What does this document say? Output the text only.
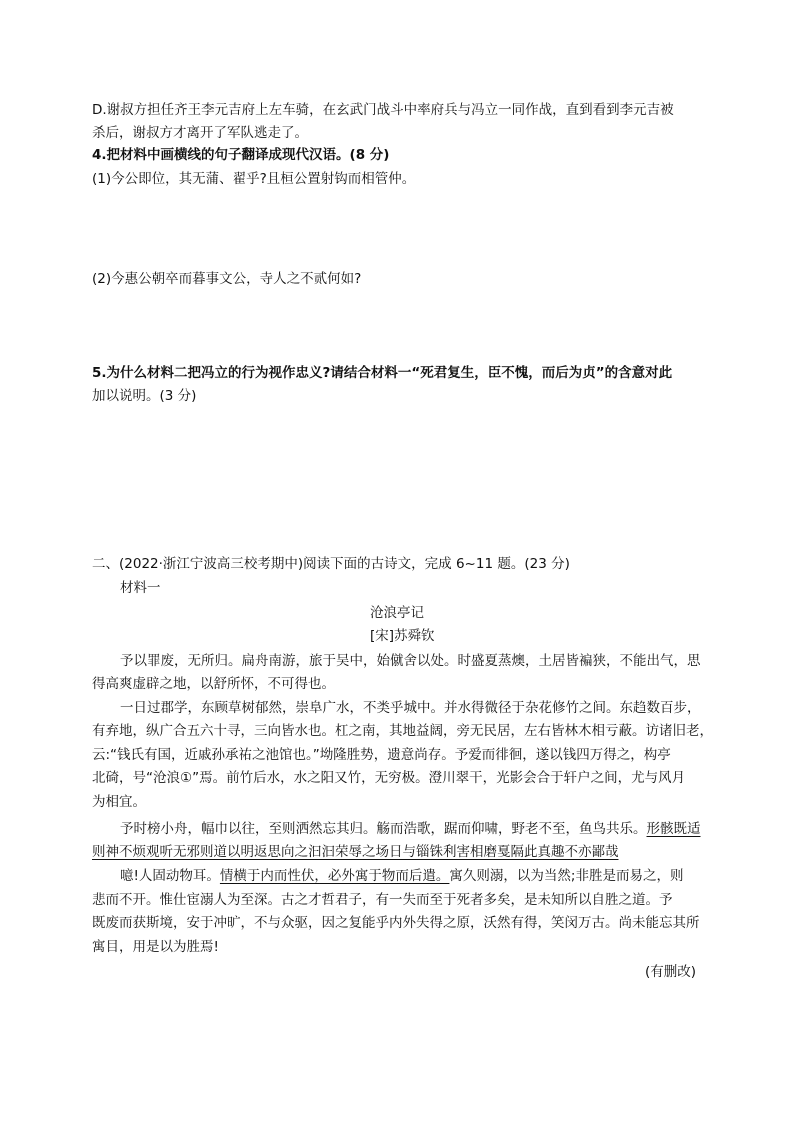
D.谢叔方担任齐王李元吉府上左车骑，在玄武门战斗中率府兵与冯立一同作战，直到看到李元吉被
杀后，谢叔方才离开了军队逃走了。
4.把材料中画横线的句子翻译成现代汉语。(8 分)
(1)今公即位，其无蒲、翟乎?且桓公置射钩而相管仲。
(2)今惠公朝卒而暮事文公，寺人之不贰何如?
5.为什么材料二把冯立的行为视作忠义?请结合材料一“死君复生，臣不愧，而后为贞”的含意对此
加以说明。(3 分)
二、(2022·浙江宁波高三校考期中)阅读下面的古诗文，完成 6~11 题。(23 分)
材料一
沧浪亭记
[宋]苏舜钦
予以罪废，无所归。扁舟南游，旅于吴中，始僦舍以处。时盛夏蒸燠，土居皆褊狭，不能出气，思
得高爽虚辟之地，以舒所怀，不可得也。
一日过郡学，东顾草树郁然，崇阜广水，不类乎城中。并水得微径于杂花修竹之间。东趋数百步，
有弃地，纵广合五六十寻，三向皆水也。杠之南，其地益阔，旁无民居，左右皆林木相亏蔽。访诸旧老，
云:“钱氏有国，近戚孙承祐之池馆也。”坳隆胜势，遗意尚存。予爱而徘徊，遂以钱四万得之，构亭
北碕，号“沧浪①”焉。前竹后水，水之阳又竹，无穷极。澄川翠干，光影会合于轩户之间，尤与风月
为相宜。
予时榜小舟，幅巾以往，至则洒然忘其归。觞而浩歌，踞而仰啸，野老不至，鱼鸟共乐。形骸既适
则神不烦观听无邪则道以明返思向之汩汩荣辱之场日与锱铢利害相磨戛隔此真趣不亦鄙哉
噫!人固动物耳。情横于内而性伏，必外寓于物而后遣。寓久则溺，以为当然;非胜是而易之，则
悲而不开。惟仕宦溺人为至深。古之才哲君子，有一失而至于死者多矣，是未知所以自胜之道。予
既废而获斯境，安于冲旷，不与众驱，因之复能乎内外失得之原，沃然有得，笑闵万古。尚未能忘其所
寓目，用是以为胜焉!
(有删改)
